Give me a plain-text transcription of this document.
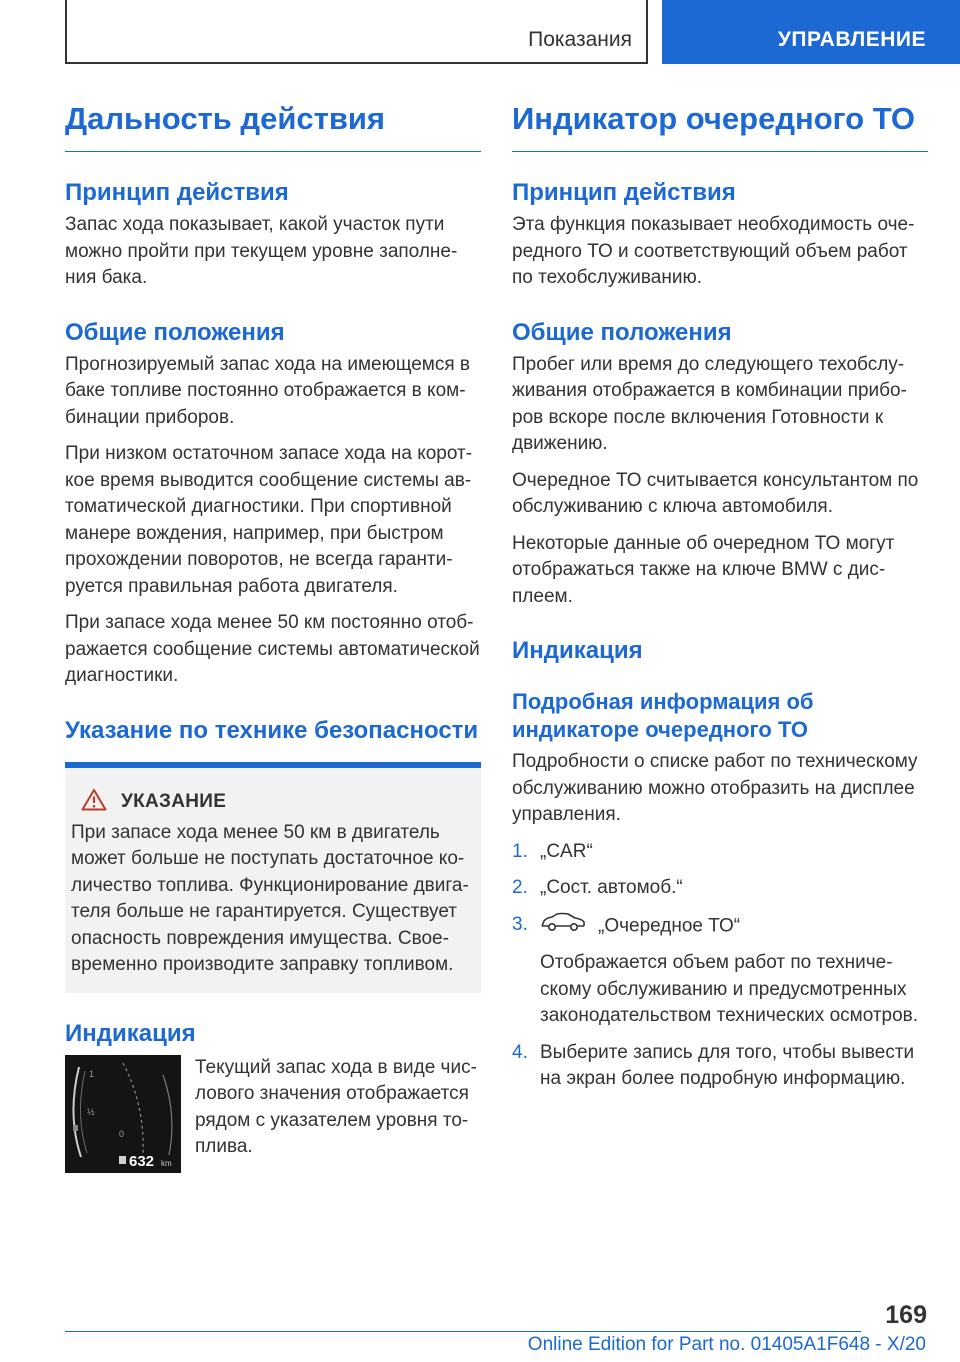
Показания	УПРАВЛЕНИЕ
Дальность действия
Принцип действия

Запас хода показывает, какой участок пути можно пройти при текущем уровне заполне-ния бака.

Общие положения

Прогнозируемый запас хода на имеющемся в баке топливе постоянно отображается в ком-бинации приборов.

При низком остаточном запасе хода на корот-кое время выводится сообщение системы ав-томатической диагностики. При спортивной манере вождения, например, при быстром прохождении поворотов, не всегда гаранти-руется правильная работа двигателя.

При запасе хода менее 50 км постоянно отоб-ражается сообщение системы автоматической диагностики.

Указание по технике безопасности
УКАЗАНИЕ

При запасе хода менее 50 км в двигатель может больше не поступать достаточное ко-личество топлива. Функционирование двига-теля больше не гарантируется. Существует опасность повреждения имущества. Свое-временно производите заправку топливом.

Индикация
1
½
0
632 km

Текущий запас хода в виде чис-лового значения отображается рядом с указателем уровня то-плива.

Индикатор очередного ТО
Принцип действия

Эта функция показывает необходимость оче-редного ТО и соответствующий объем работ по техобслуживанию.

Общие положения

Пробег или время до следующего техобслу-живания отображается в комбинации прибо-ров вскоре после включения Готовности к движению.

Очередное ТО считывается консультантом по обслуживанию с ключа автомобиля.

Некоторые данные об очередном ТО могут отображаться также на ключе BMW с дис-плеем.

Индикация
Подробная информация об индикаторе очередного ТО

Подробности о списке работ по техническому обслуживанию можно отобразить на дисплее управления.

1. „CAR“
2. „Сост. автомоб.“
3.	„Очередное ТО“
Отображается объем работ по техниче-скому обслуживанию и предусмотренных законодательством технических осмотров.
4. Выберите запись для того, чтобы вывести на экран более подробную информацию.
169
Online Edition for Part no. 01405A1F648 - X/20
